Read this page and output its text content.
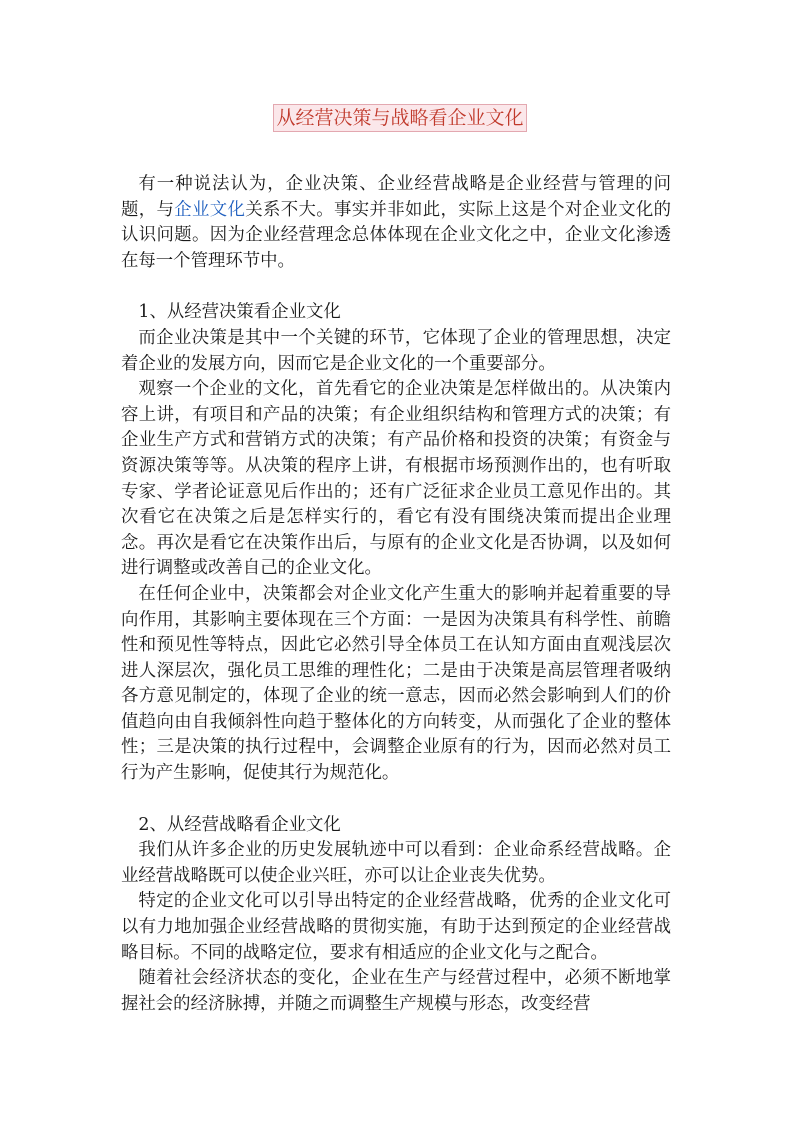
从经营决策与战略看企业文化

有一种说法认为，企业决策、企业经营战略是企业经营与管理的问题，与企业文化关系不大。事实并非如此，实际上这是个对企业文化的认识问题。因为企业经营理念总体体现在企业文化之中，企业文化渗透在每一个管理环节中。

1、从经营决策看企业文化

而企业决策是其中一个关键的环节，它体现了企业的管理思想，决定着企业的发展方向，因而它是企业文化的一个重要部分。

观察一个企业的文化，首先看它的企业决策是怎样做出的。从决策内容上讲，有项目和产品的决策；有企业组织结构和管理方式的决策；有企业生产方式和营销方式的决策；有产品价格和投资的决策；有资金与资源决策等等。从决策的程序上讲，有根据市场预测作出的，也有听取专家、学者论证意见后作出的；还有广泛征求企业员工意见作出的。其次看它在决策之后是怎样实行的，看它有没有围绕决策而提出企业理念。再次是看它在决策作出后，与原有的企业文化是否协调，以及如何进行调整或改善自己的企业文化。

在任何企业中，决策都会对企业文化产生重大的影响并起着重要的导向作用，其影响主要体现在三个方面：一是因为决策具有科学性、前瞻性和预见性等特点，因此它必然引导全体员工在认知方面由直观浅层次进人深层次，强化员工思维的理性化；二是由于决策是高层管理者吸纳各方意见制定的，体现了企业的统一意志，因而必然会影响到人们的价值趋向由自我倾斜性向趋于整体化的方向转变，从而强化了企业的整体性；三是决策的执行过程中，会调整企业原有的行为，因而必然对员工行为产生影响，促使其行为规范化。

2、从经营战略看企业文化

我们从许多企业的历史发展轨迹中可以看到：企业命系经营战略。企业经营战略既可以使企业兴旺，亦可以让企业丧失优势。

特定的企业文化可以引导出特定的企业经营战略，优秀的企业文化可以有力地加强企业经营战略的贯彻实施，有助于达到预定的企业经营战略目标。不同的战略定位，要求有相适应的企业文化与之配合。

随着社会经济状态的变化，企业在生产与经营过程中，必须不断地掌握社会的经济脉搏，并随之而调整生产规模与形态，改变经营
